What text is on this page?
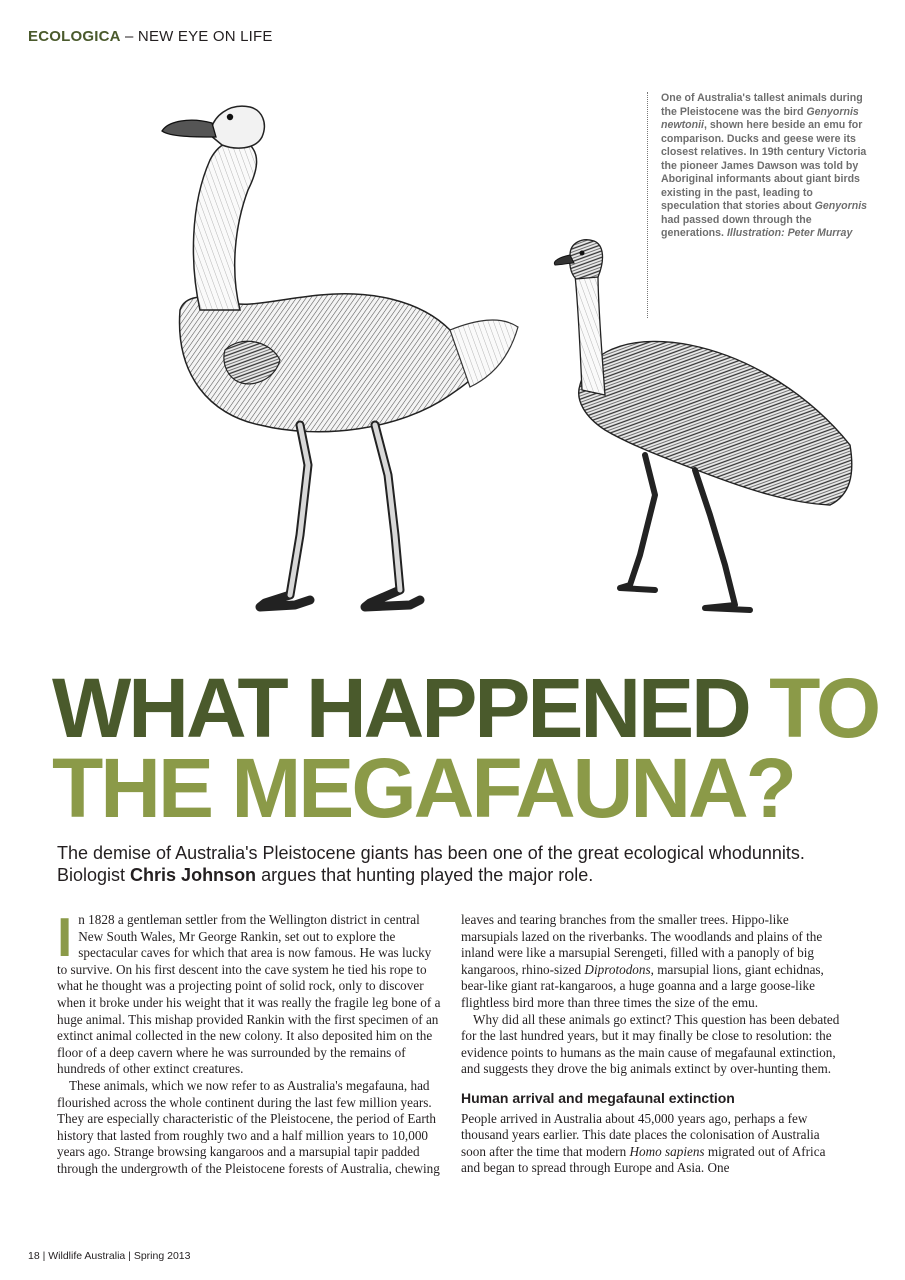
ECOLOGICA – NEW EYE ON LIFE

One of Australia's tallest animals during the Pleistocene was the bird Genyornis newtonii, shown here beside an emu for comparison. Ducks and geese were its closest relatives. In 19th century Victoria the pioneer James Dawson was told by Aboriginal informants about giant birds existing in the past, leading to speculation that stories about Genyornis had passed down through the generations. Illustration: Peter Murray

WHAT HAPPENED TO
THE MEGAFAUNA?

The demise of Australia's Pleistocene giants has been one of the great ecological whodunnits.
Biologist Chris Johnson argues that hunting played the major role.

In 1828 a gentleman settler from the Wellington district in central New South Wales, Mr George Rankin, set out to explore the spectacular caves for which that area is now famous. He was lucky to survive. On his first descent into the cave system he tied his rope to what he thought was a projecting point of solid rock, only to discover when it broke under his weight that it was really the fragile leg bone of a huge animal. This mishap provided Rankin with the first specimen of an extinct animal collected in the new colony. It also deposited him on the floor of a deep cavern where he was surrounded by the remains of hundreds of other extinct creatures.

These animals, which we now refer to as Australia's megafauna, had flourished across the whole continent during the last few million years. They are especially characteristic of the Pleistocene, the period of Earth history that lasted from roughly two and a half million years to 10,000 years ago. Strange browsing kangaroos and a marsupial tapir padded through the undergrowth of the Pleistocene forests of Australia, chewing

leaves and tearing branches from the smaller trees. Hippo-like marsupials lazed on the riverbanks. The woodlands and plains of the inland were like a marsupial Serengeti, filled with a panoply of big kangaroos, rhino-sized Diprotodons, marsupial lions, giant echidnas, bear-like giant rat-kangaroos, a huge goanna and a large goose-like flightless bird more than three times the size of the emu.

Why did all these animals go extinct? This question has been debated for the last hundred years, but it may finally be close to resolution: the evidence points to humans as the main cause of megafaunal extinction, and suggests they drove the big animals extinct by over-hunting them.

Human arrival and megafaunal extinction

People arrived in Australia about 45,000 years ago, perhaps a few thousand years earlier. This date places the colonisation of Australia soon after the time that modern Homo sapiens migrated out of Africa and began to spread through Europe and Asia. One

18 | Wildlife Australia | Spring 2013
